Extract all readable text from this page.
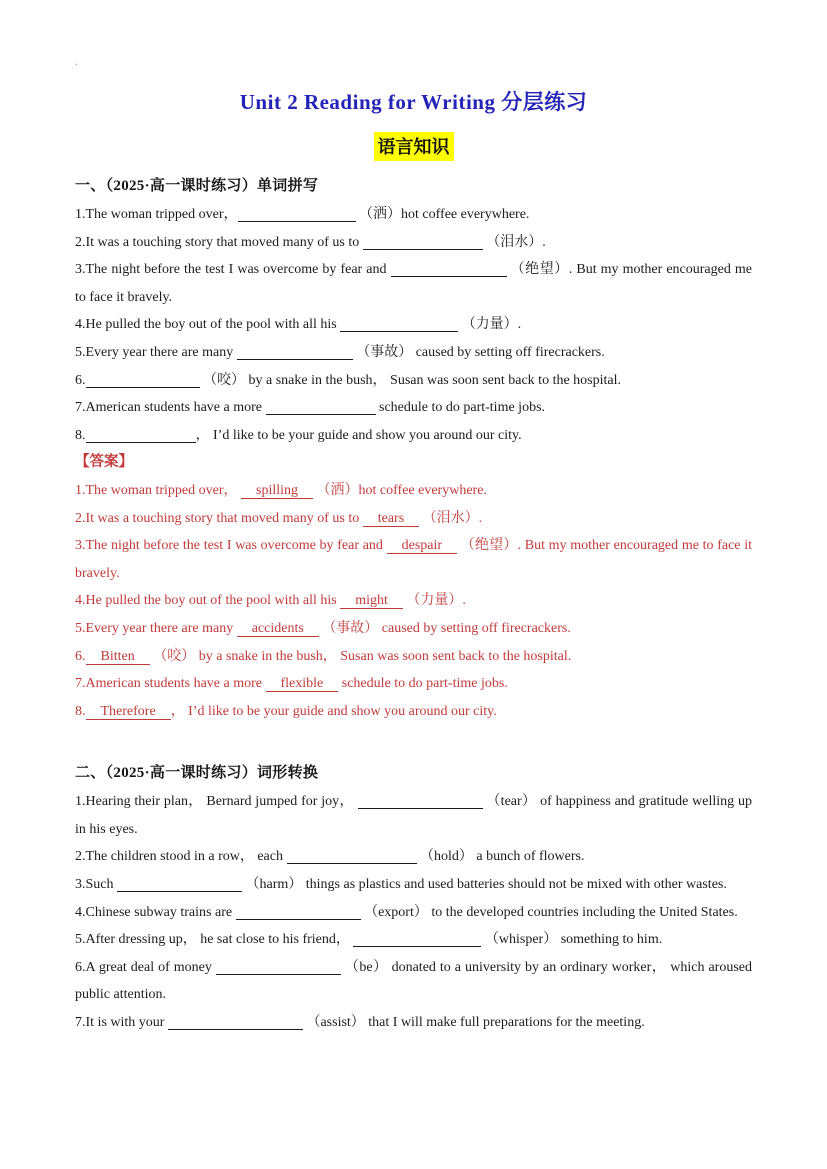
.
Unit 2 Reading for Writing 分层练习
语言知识
一、（2025·高一课时练习）单词拼写

1.The woman tripped over，	（洒）hot coffee everywhere.

2.It was a touching story that moved many of us to	（泪水）.

3.The night before the test I was overcome by fear and	（绝望）. But my mother encouraged me to face it bravely.

4.He pulled the boy out of the pool with all his	（力量）.

5.Every year there are many	（事故） caused by setting off firecrackers.

6.	（咬） by a snake in the bush， Susan was soon sent back to the hospital.

7.American students have a more	schedule to do part-time jobs.

8.	， I’d like to be your guide and show you around our city.

【答案】

1.The woman tripped over， spilling （洒）hot coffee everywhere.

2.It was a touching story that moved many of us to tears （泪水）.

3.The night before the test I was overcome by fear and despair （绝望）. But my mother encouraged me to face it bravely.

4.He pulled the boy out of the pool with all his might （力量）.

5.Every year there are many accidents （事故） caused by setting off firecrackers.

6. Bitten （咬） by a snake in the bush， Susan was soon sent back to the hospital.

7.American students have a more flexible schedule to do part-time jobs.

8. Therefore ， I’d like to be your guide and show you around our city.

二、（2025·高一课时练习）词形转换

1.Hearing their plan， Bernard jumped for joy，	（tear） of happiness and gratitude welling up in his eyes.

2.The children stood in a row， each	（hold） a bunch of flowers.

3.Such	（harm） things as plastics and used batteries should not be mixed with other wastes.

4.Chinese subway trains are	（export） to the developed countries including the United States.

5.After dressing up， he sat close to his friend，	（whisper） something to him.

6.A great deal of money	（be） donated to a university by an ordinary worker， which aroused public attention.

7.It is with your	（assist） that I will make full preparations for the meeting.
